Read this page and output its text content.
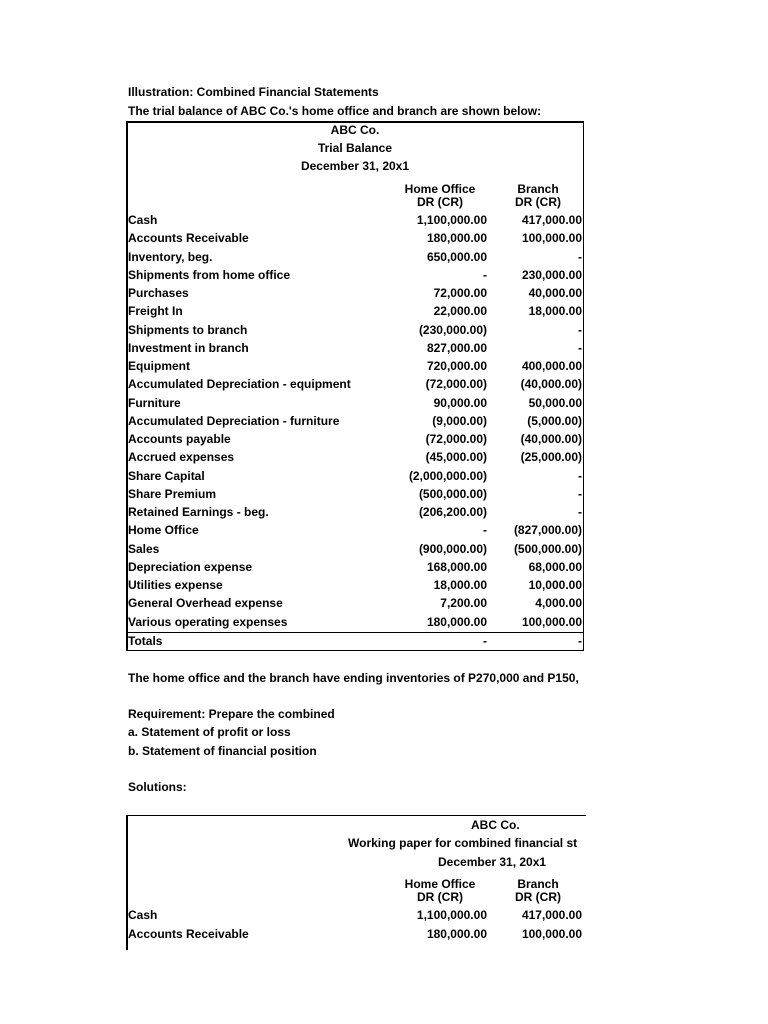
Illustration: Combined Financial Statements
The trial balance of ABC Co.'s home office and branch are shown below:
ABC Co.
Trial Balance
December 31, 20x1
Home Office
DR (CR)
Branch
DR (CR)
Cash	1,100,000.00	417,000.00
Accounts Receivable	180,000.00	100,000.00
Inventory, beg.	650,000.00	-
Shipments from home office	-	230,000.00
Purchases	72,000.00	40,000.00
Freight In	22,000.00	18,000.00
Shipments to branch	(230,000.00)	-
Investment in branch	827,000.00	-
Equipment	720,000.00	400,000.00
Accumulated Depreciation - equipment	(72,000.00)	(40,000.00)
Furniture	90,000.00	50,000.00
Accumulated Depreciation - furniture	(9,000.00)	(5,000.00)
Accounts payable	(72,000.00)	(40,000.00)
Accrued expenses	(45,000.00)	(25,000.00)
Share Capital	(2,000,000.00)	-
Share Premium	(500,000.00)	-
Retained Earnings - beg.	(206,200.00)	-
Home Office	- (827,000.00)
Sales	(900,000.00) (500,000.00)
Depreciation expense	168,000.00	68,000.00
Utilities expense	18,000.00	10,000.00
General Overhead expense	7,200.00	4,000.00
Various operating expenses	180,000.00	100,000.00
Totals	-	-
The home office and the branch have ending inventories of P270,000 and P150,
Requirement: Prepare the combined
a. Statement of profit or loss
b. Statement of financial position
Solutions:
ABC Co.
Working paper for combined financial st
December 31, 20x1
Home Office
DR (CR)
Branch
DR (CR)
Cash	1,100,000.00	417,000.00
Accounts Receivable	180,000.00	100,000.00
